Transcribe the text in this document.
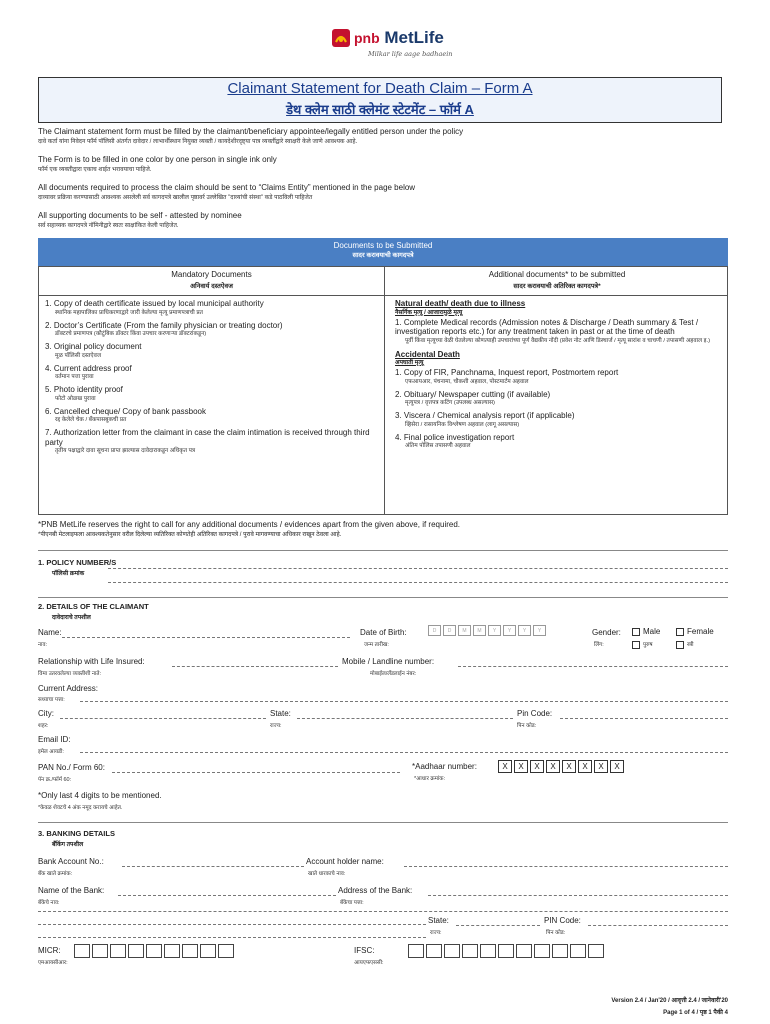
pnb MetLife
Milkar life aage badhaein
Claimant Statement for Death Claim – Form A
डेथ क्लेम साठी क्लेमंट स्टेटमेंट – फॉर्म A
The Claimant statement form must be filled by the claimant/beneficiary appointee/legally entitled person under the policy
दावे कर्ता यांना निवेदन फॉर्म पॉलिसी अंतर्गत दावेदार / लाभार्थीस्थान नियुक्त व्यक्ती / कायदेशीरदृष्ट्या पात्र व्यक्तींद्वारे स्वाक्षरी केले जाणे आवश्यक आहे.
The Form is to be filled in one color by one person in single ink only
फॉर्म एक व्यक्तीद्वारा एकाच शाईत भरावयाचा पाहिजे.
All documents required to process the claim should be sent to “Claims Entity” mentioned in the page below
दाव्यावर प्रक्रिया करण्यासाठी आवश्यक असलेली सर्व कागदपत्रे खालील पृष्ठावर्र उल्लेखित "दाव्यांची संस्था" कडे पाठविली पाहिजेत
All supporting documents to be self - attested by nominee
सर्व सहाय्यक कागदपत्रे नॉमिनीद्वारे स्वतः साक्षांकित केली पाहिजेत.
Documents to be Submitted
सादर करावयाची कागदपत्रे
Mandatory Documents
अनिवार्य दस्तऐवज
Additional documents* to be submitted
सादर करावयाची अतिरिक्त कागदपत्रे*
1. Copy of death certificate issued by local municipal authority
स्थानिक महापालिका प्राधिकरणाद्वारे जारी केलेल्या मृत्यू प्रमाणपत्राची प्रत
2. Doctor’s Certificate (From the family physician or treating doctor)
डॉक्टरचे प्रमाणपत्र (कौटुंबिक डॉक्टर किंवा उपचार करणाऱ्या डॉक्टरांकडून)
3. Original policy document
मूळ पॉलिसी दस्तऐवज
4. Current address proof
वर्तमान पत्ता पुरावा
5. Photo identity proof
फोटो ओळख पुरावा
6. Cancelled cheque/ Copy of bank passbook
रद्द केलेले चेक / बँकपासबुकची प्रत
7. Authorization letter from the claimant in case the claim intimation is received through third party
तृतीय पक्षाद्वारे दावा सूचना प्राप्त झाल्यास दावेदाराकडून अधिकृत पत्र
Natural death/ death due to illness
नैसर्गिक मृत्यू / आजारामुळे मृत्यू
1. Complete Medical records (Admission notes & Discharge / Death summary & Test / investigation reports etc.) for any treatment taken in past or at the time of death
पूर्वी किंवा मृत्यूच्या वेळी घेतलेल्या कोणत्याही उपचारांच्या पूर्ण वैद्यकीय नोंदी (प्रवेश नोट आणि डिस्चार्ज / मृत्यू सारांश व चाचणी / तपासणी अहवाल इ.)
Accidental Death
अपघाती मृत्यू
1. Copy of FIR, Panchnama, Inquest report, Postmortem report
एफआयआर, पंचनामा, चौकशी अहवाल, पोस्टमार्टम अहवाल
2. Obituary/ Newspaper cutting (if available)
मृत्युपत्र / वृत्तपत्र कटिंग (उपलब्ध असल्यास)
3. Viscera / Chemical analysis report (if applicable)
व्हिसेरा / रासायनिक विश्लेषण अहवाल (लागू असल्यास)
4. Final police investigation report
अंतिम पोलिस तपासणी अहवाल
*PNB MetLife reserves the right to call for any additional documents / evidences apart from the given above, if required.
*पीएनबी मेटलाइफला आवश्यकतेनुसार वरील दिलेल्या व्यतिरिक्त कोणतेही अतिरिक्त कागदपत्रे / पुरावे मागवण्याचा अधिकार राखून ठेवला आहे.
1. POLICY NUMBER/S
पॉलिसी क्रमांक
2. DETAILS OF THE CLAIMANT
दावेदाराचे तपशील
Name:
नाव:
Date of Birth:
जन्म तारीख:
D D M M Y Y Y Y	Gender:
लिंग:
Male	Female
पुरुष	स्त्री
Relationship with Life Insured:
विमा उतरवलेल्या व्यक्तीशी नाते:
Mobile / Landline number:
मोबाईल/लँडलाईन नंबर:
Current Address:
सध्याचा पत्ता:
City:
शहर:
State:
राज्य:
Pin Code:
पिन कोड:
Email ID:
इमेल आयडी:
PAN No./ Form 60:
पॅन क्र./फॉर्म 60:
*Aadhaar number:
*आधार क्रमांक:
X X X X X X X X
*Only last 4 digits to be mentioned.
*केवळ शेवटचे 4 अंक नमूद करायचे आहेत.
3. BANKING DETAILS
बँकिंग तपशील
Bank Account No.:
बँक खाते क्रमांक:
Account holder name:
खाते धारकाचे नाव:
Name of the Bank:
बँकेचे नाव:
Address of the Bank:
बँकेचा पत्ता:
State:
राज्य:
PIN Code:
पिन कोड:
MICR:
एमआयसीआर:
IFSC:
आयएफएससी:
Version 2.4 / Jan'20 / आवृत्ती 2.4 / जानेवारी'20
Page 1 of 4 / पृष्ठ 1 पैकी 4
